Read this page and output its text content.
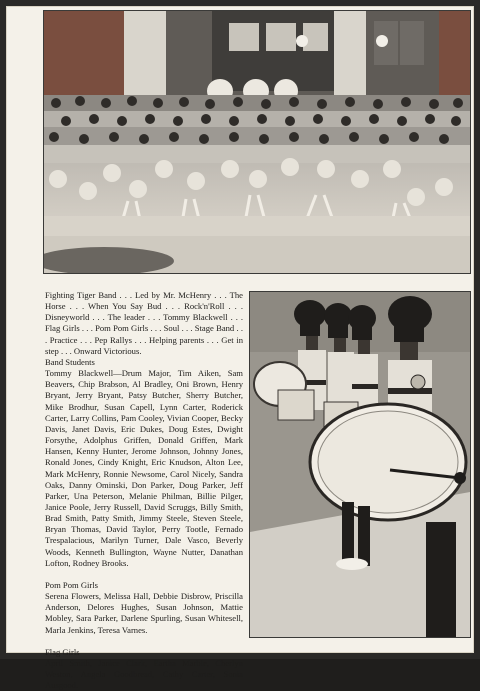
Fighting Tiger Band . . . Led by Mr. McHenry . . . The Horse . . . When You Say Bud . . . Rock'n'Roll . . . Disneyworld . . . The leader . . . Tommy Blackwell . . . Flag Girls . . . Pom Pom Girls . . . Soul . . . Stage Band . . . Practice . . . Pep Rallys . . . Helping parents . . . Get in step . . . Onward Victorious.

Band Students

Tommy Blackwell—Drum Major, Tim Aiken, Sam Beavers, Chip Brabson, Al Bradley, Oni Brown, Henry Bryant, Jerry Bryant, Patsy Butcher, Sherry Butcher, Mike Brodhur, Susan Capell, Lynn Carter, Roderick Carter, Larry Collins, Pam Cooley, Vivian Cooper, Becky Davis, Janet Davis, Eric Dukes, Doug Estes, Dwight Forsythe, Adolphus Griffen, Donald Griffen, Mark Hansen, Kenny Hunter, Jerome Johnson, Johnny Jones, Ronald Jones, Cindy Knight, Eric Knudson, Alton Lee, Mark McHenry, Ronnie Newsome, Carol Nicely, Sandra Oaks, Danny Ominski, Don Parker, Doug Parker, Jeff Parker, Una Peterson, Melanie Philman, Billie Pilger, Janice Poole, Jerry Russell, David Scruggs, Billy Smith, Brad Smith, Patty Smith, Jimmy Steele, Steven Steele, Bryan Thomas, David Taylor, Perry Tootle, Fernado Trespalacious, Marilyn Turner, Dale Vasco, Beverly Woods, Kenneth Bullington, Wayne Nutter, Danathan Lofton, Rodney Brooks.

Pom Pom Girls

Serena Flowers, Melissa Hall, Debbie Disbrow, Priscilla Anderson, Delores Hughes, Susan Johnson, Mattie Mobley, Sara Parker, Darlene Spurling, Susan Whitesell, Marla Jenkins, Teresa Varnes.

Flag Girls

April Smith, Janice Clark, Eartha Marble, Cherlyn Weston, Angela Goodbread, Cathy Carter, Sonia Ausgood.
